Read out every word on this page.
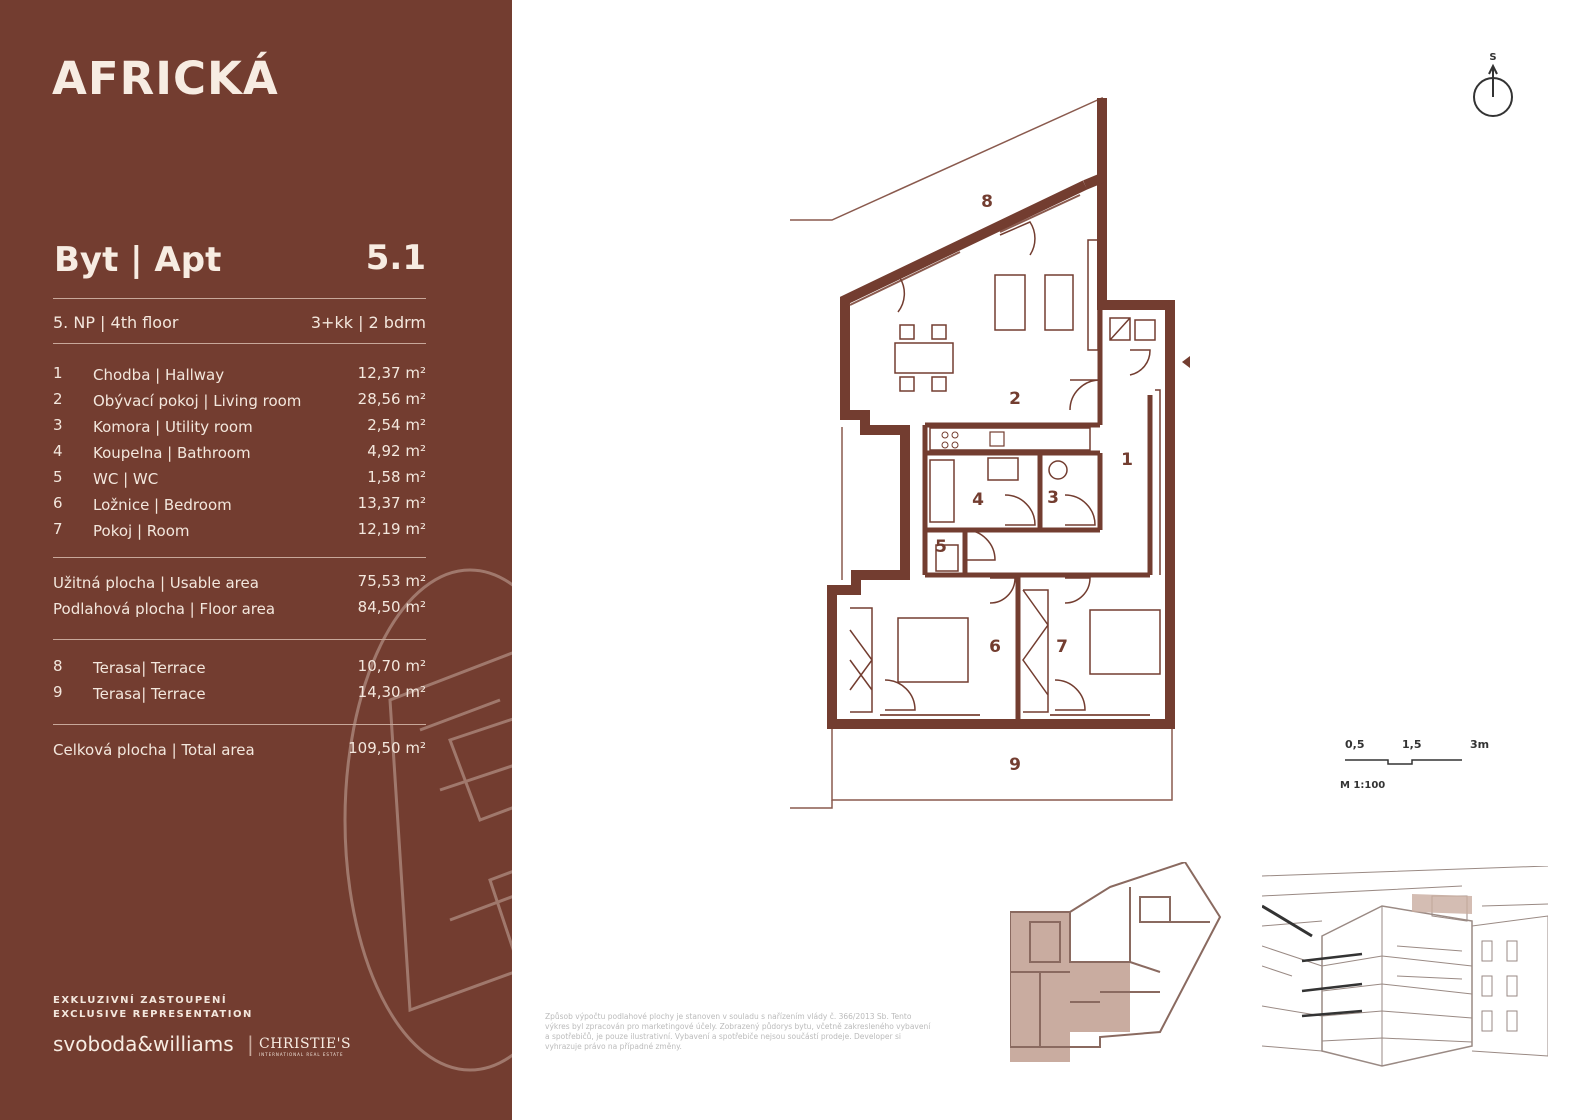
AFRICKÁ
Byt | Apt	5.1
5. NP | 4th floor	3+kk | 2 bdrm
1 Chodba | Hallway	12,37 m²
2 Obývací pokoj | Living room	28,56 m²
3 Komora | Utility room	2,54 m²
4 Koupelna | Bathroom	4,92 m²
5 WC | WC	1,58 m²
6 Ložnice | Bedroom	13,37 m²
7 Pokoj | Room	12,19 m²
Užitná plocha | Usable area	75,53 m²
Podlahová plocha | Floor area	84,50 m²
8 Terasa| Terrace	10,70 m²
9 Terasa| Terrace	14,30 m²
Celková plocha | Total area	109,50 m²
EXKLUZIVNÍ ZASTOUPENÍ
EXCLUSIVE REPRESENTATION
svoboda&williams | CHRISTIE'S
INTERNATIONAL REAL ESTATE
1
2
3
4
5
6	7
8
9
S
0,5	1,5	3m
M 1:100
Způsob výpočtu podlahové plochy je stanoven v souladu s nařízením vlády č. 366/2013 Sb. Tento výkres byl zpracován pro marketingové účely. Zobrazený půdorys bytu, včetně zakresleného vybavení a spotřebičů, je pouze ilustrativní. Vybavení a spotřebiče nejsou součástí prodeje. Developer si vyhrazuje právo na případné změny.
